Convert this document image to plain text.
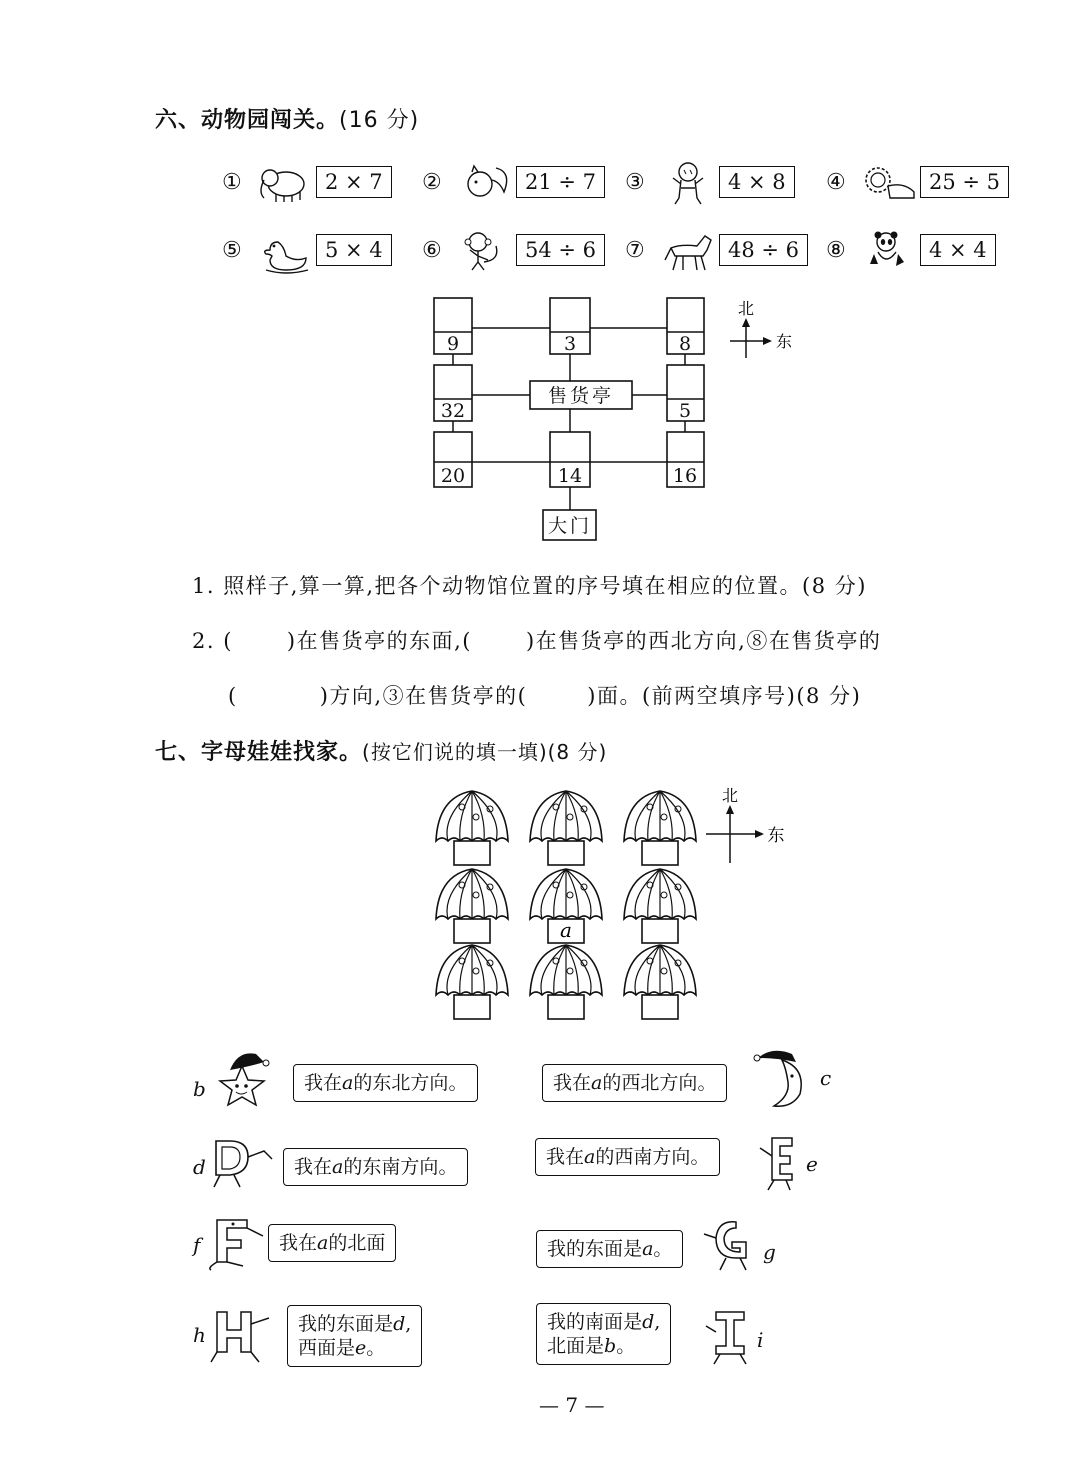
六、动物园闯关。(16 分)
①	2 × 7	②	21 ÷ 7	③	4 × 8	④	25 ÷ 5
⑤	5 × 4	⑥	54 ÷ 6	⑦	48 ÷ 6	⑧	4 × 4
9	3	8
32	5
20	14	16
售货亭
大门
北
东
1. 照样子,算一算,把各个动物馆位置的序号填在相应的位置。(8 分)
2. (	)在售货亭的东面,(	)在售货亭的西北方向,⑧在售货亭的
(	)方向,③在售货亭的(	)面。(前两空填序号)(8 分)
七、字母娃娃找家。(按它们说的填一填)(8 分)
a
北
东
b	我在a的东北方向。	我在a的西北方向。	c
d	我在a的东南方向。	我在a的西南方向。	e
f	我在a的北面	我的东面是a。	g
h	我的东面是d,
西面是e。
我的南面是d,
北面是b。	i
— 7 —
